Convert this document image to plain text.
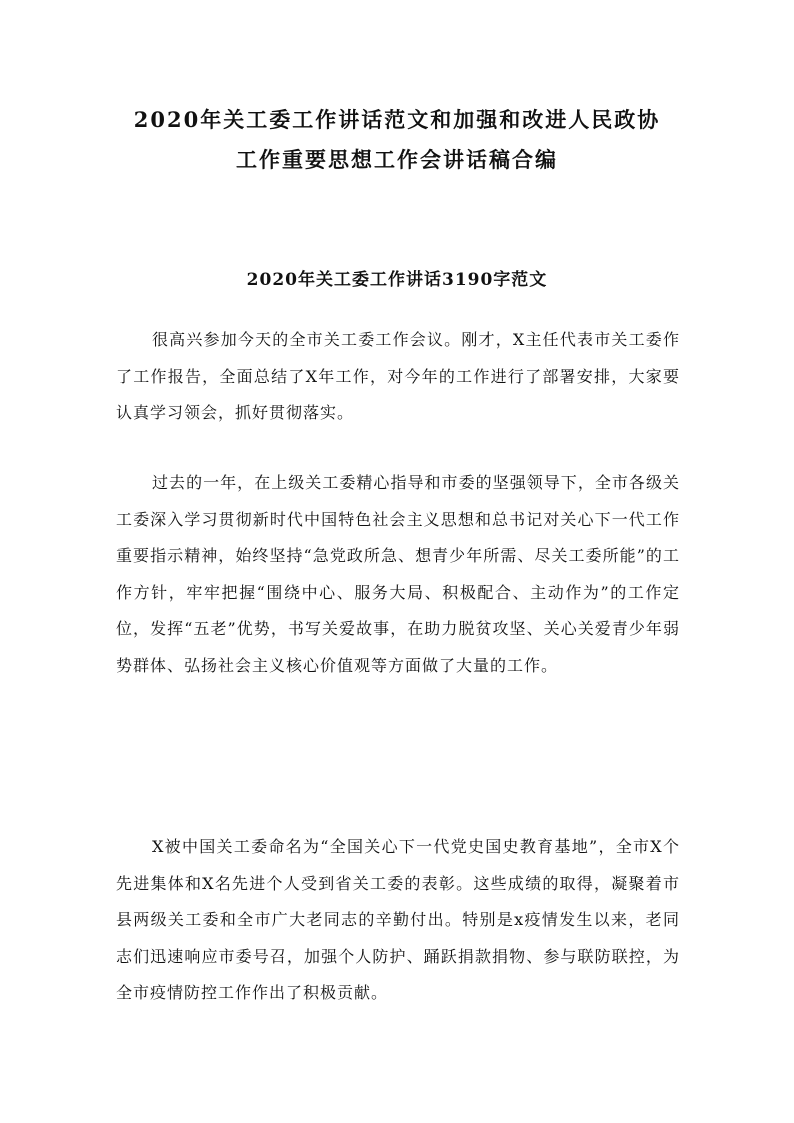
2020年关工委工作讲话范文和加强和改进人民政协
工作重要思想工作会讲话稿合编
2020年关工委工作讲话3190字范文

很高兴参加今天的全市关工委工作会议。刚才，X主任代表市关工委作了工作报告，全面总结了X年工作，对今年的工作进行了部署安排，大家要认真学习领会，抓好贯彻落实。

过去的一年，在上级关工委精心指导和市委的坚强领导下，全市各级关工委深入学习贯彻新时代中国特色社会主义思想和总书记对关心下一代工作重要指示精神，始终坚持“急党政所急、想青少年所需、尽关工委所能”的工作方针，牢牢把握“围绕中心、服务大局、积极配合、主动作为”的工作定位，发挥“五老”优势，书写关爱故事，在助力脱贫攻坚、关心关爱青少年弱势群体、弘扬社会主义核心价值观等方面做了大量的工作。

X被中国关工委命名为“全国关心下一代党史国史教育基地”，全市X个先进集体和X名先进个人受到省关工委的表彰。这些成绩的取得，凝聚着市县两级关工委和全市广大老同志的辛勤付出。特别是x疫情发生以来，老同志们迅速响应市委号召，加强个人防护、踊跃捐款捐物、参与联防联控，为全市疫情防控工作作出了积极贡献。
